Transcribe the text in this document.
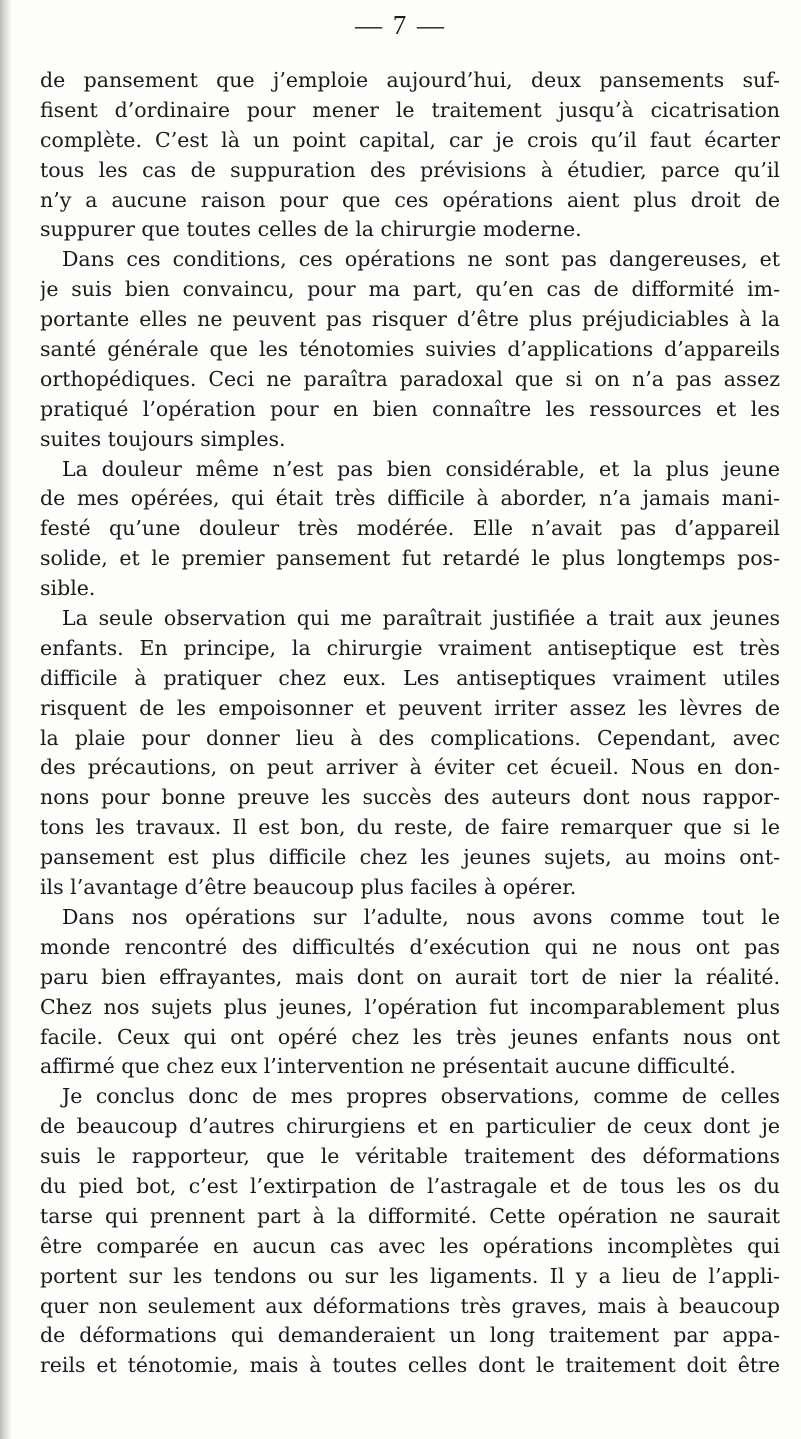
— 7 —
de pansement que j’emploie aujourd’hui, deux pansements suf-
fisent d’ordinaire pour mener le traitement jusqu’à cicatrisation
complète. C’est là un point capital, car je crois qu’il faut écarter
tous les cas de suppuration des prévisions à étudier, parce qu’il
n’y a aucune raison pour que ces opérations aient plus droit de
suppurer que toutes celles de la chirurgie moderne.
Dans ces conditions, ces opérations ne sont pas dangereuses, et
je suis bien convaincu, pour ma part, qu’en cas de difformité im-
portante elles ne peuvent pas risquer d’être plus préjudiciables à la
santé générale que les ténotomies suivies d’applications d’appareils
orthopédiques. Ceci ne paraîtra paradoxal que si on n’a pas assez
pratiqué l’opération pour en bien connaître les ressources et les
suites toujours simples.
La douleur même n’est pas bien considérable, et la plus jeune
de mes opérées, qui était très difficile à aborder, n’a jamais mani-
festé qu’une douleur très modérée. Elle n’avait pas d’appareil
solide, et le premier pansement fut retardé le plus longtemps pos-
sible.
La seule observation qui me paraîtrait justifiée a trait aux jeunes
enfants. En principe, la chirurgie vraiment antiseptique est très
difficile à pratiquer chez eux. Les antiseptiques vraiment utiles
risquent de les empoisonner et peuvent irriter assez les lèvres de
la plaie pour donner lieu à des complications. Cependant, avec
des précautions, on peut arriver à éviter cet écueil. Nous en don-
nons pour bonne preuve les succès des auteurs dont nous rappor-
tons les travaux. Il est bon, du reste, de faire remarquer que si le
pansement est plus difficile chez les jeunes sujets, au moins ont-
ils l’avantage d’être beaucoup plus faciles à opérer.
Dans nos opérations sur l’adulte, nous avons comme tout le
monde rencontré des difficultés d’exécution qui ne nous ont pas
paru bien effrayantes, mais dont on aurait tort de nier la réalité.
Chez nos sujets plus jeunes, l’opération fut incomparablement plus
facile. Ceux qui ont opéré chez les très jeunes enfants nous ont
affirmé que chez eux l’intervention ne présentait aucune difficulté.
Je conclus donc de mes propres observations, comme de celles
de beaucoup d’autres chirurgiens et en particulier de ceux dont je
suis le rapporteur, que le véritable traitement des déformations
du pied bot, c’est l’extirpation de l’astragale et de tous les os du
tarse qui prennent part à la difformité. Cette opération ne saurait
être comparée en aucun cas avec les opérations incomplètes qui
portent sur les tendons ou sur les ligaments. Il y a lieu de l’appli-
quer non seulement aux déformations très graves, mais à beaucoup
de déformations qui demanderaient un long traitement par appa-
reils et ténotomie, mais à toutes celles dont le traitement doit être
